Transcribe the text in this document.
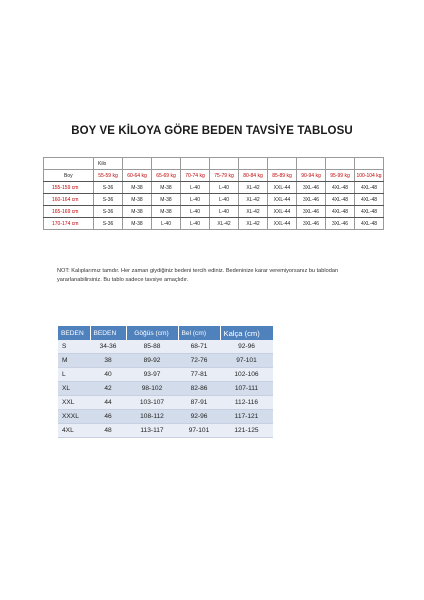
BOY VE KİLOYA GÖRE BEDEN TAVSİYE TABLOSU
	Kilo									
Boy	55-59 kg	60-64 kg	65-69 kg	70-74 kg	75-79 kg	80-84 kg	85-89 kg	90-94 kg	95-99 kg	100-104 kg
155-159 cm	S-36	M-38	M-38	L-40	L-40	XL-42	XXL-44	3XL-46	4XL-48	4XL-48
160-164 cm	S-36	M-38	M-38	L-40	L-40	XL-42	XXL-44	3XL-46	4XL-48	4XL-48
165-169 cm	S-36	M-38	M-38	L-40	L-40	XL-42	XXL-44	3XL-46	4XL-48	4XL-48
170-174 cm	S-36	M-38	L-40	L-40	XL-42	XL-42	XXL-44	3XL-46	3XL-46	4XL-48
NOT: Kalıplarımız tamdır. Her zaman giydiğiniz bedeni tercih ediniz. Bedeninize karar veremiyorsanız bu tablodan yararlanabilirsiniz. Bu tablo sadece tavsiye amaçlıdır.
BEDEN	BEDEN	Göğüs (cm)	Bel (cm)	Kalça (cm)
S	34-36	85-88	68-71	92-96
M	38	89-92	72-76	97-101
L	40	93-97	77-81	102-106
XL	42	98-102	82-86	107-111
XXL	44	103-107	87-91	112-116
XXXL	46	108-112	92-96	117-121
4XL	48	113-117	97-101	121-125
